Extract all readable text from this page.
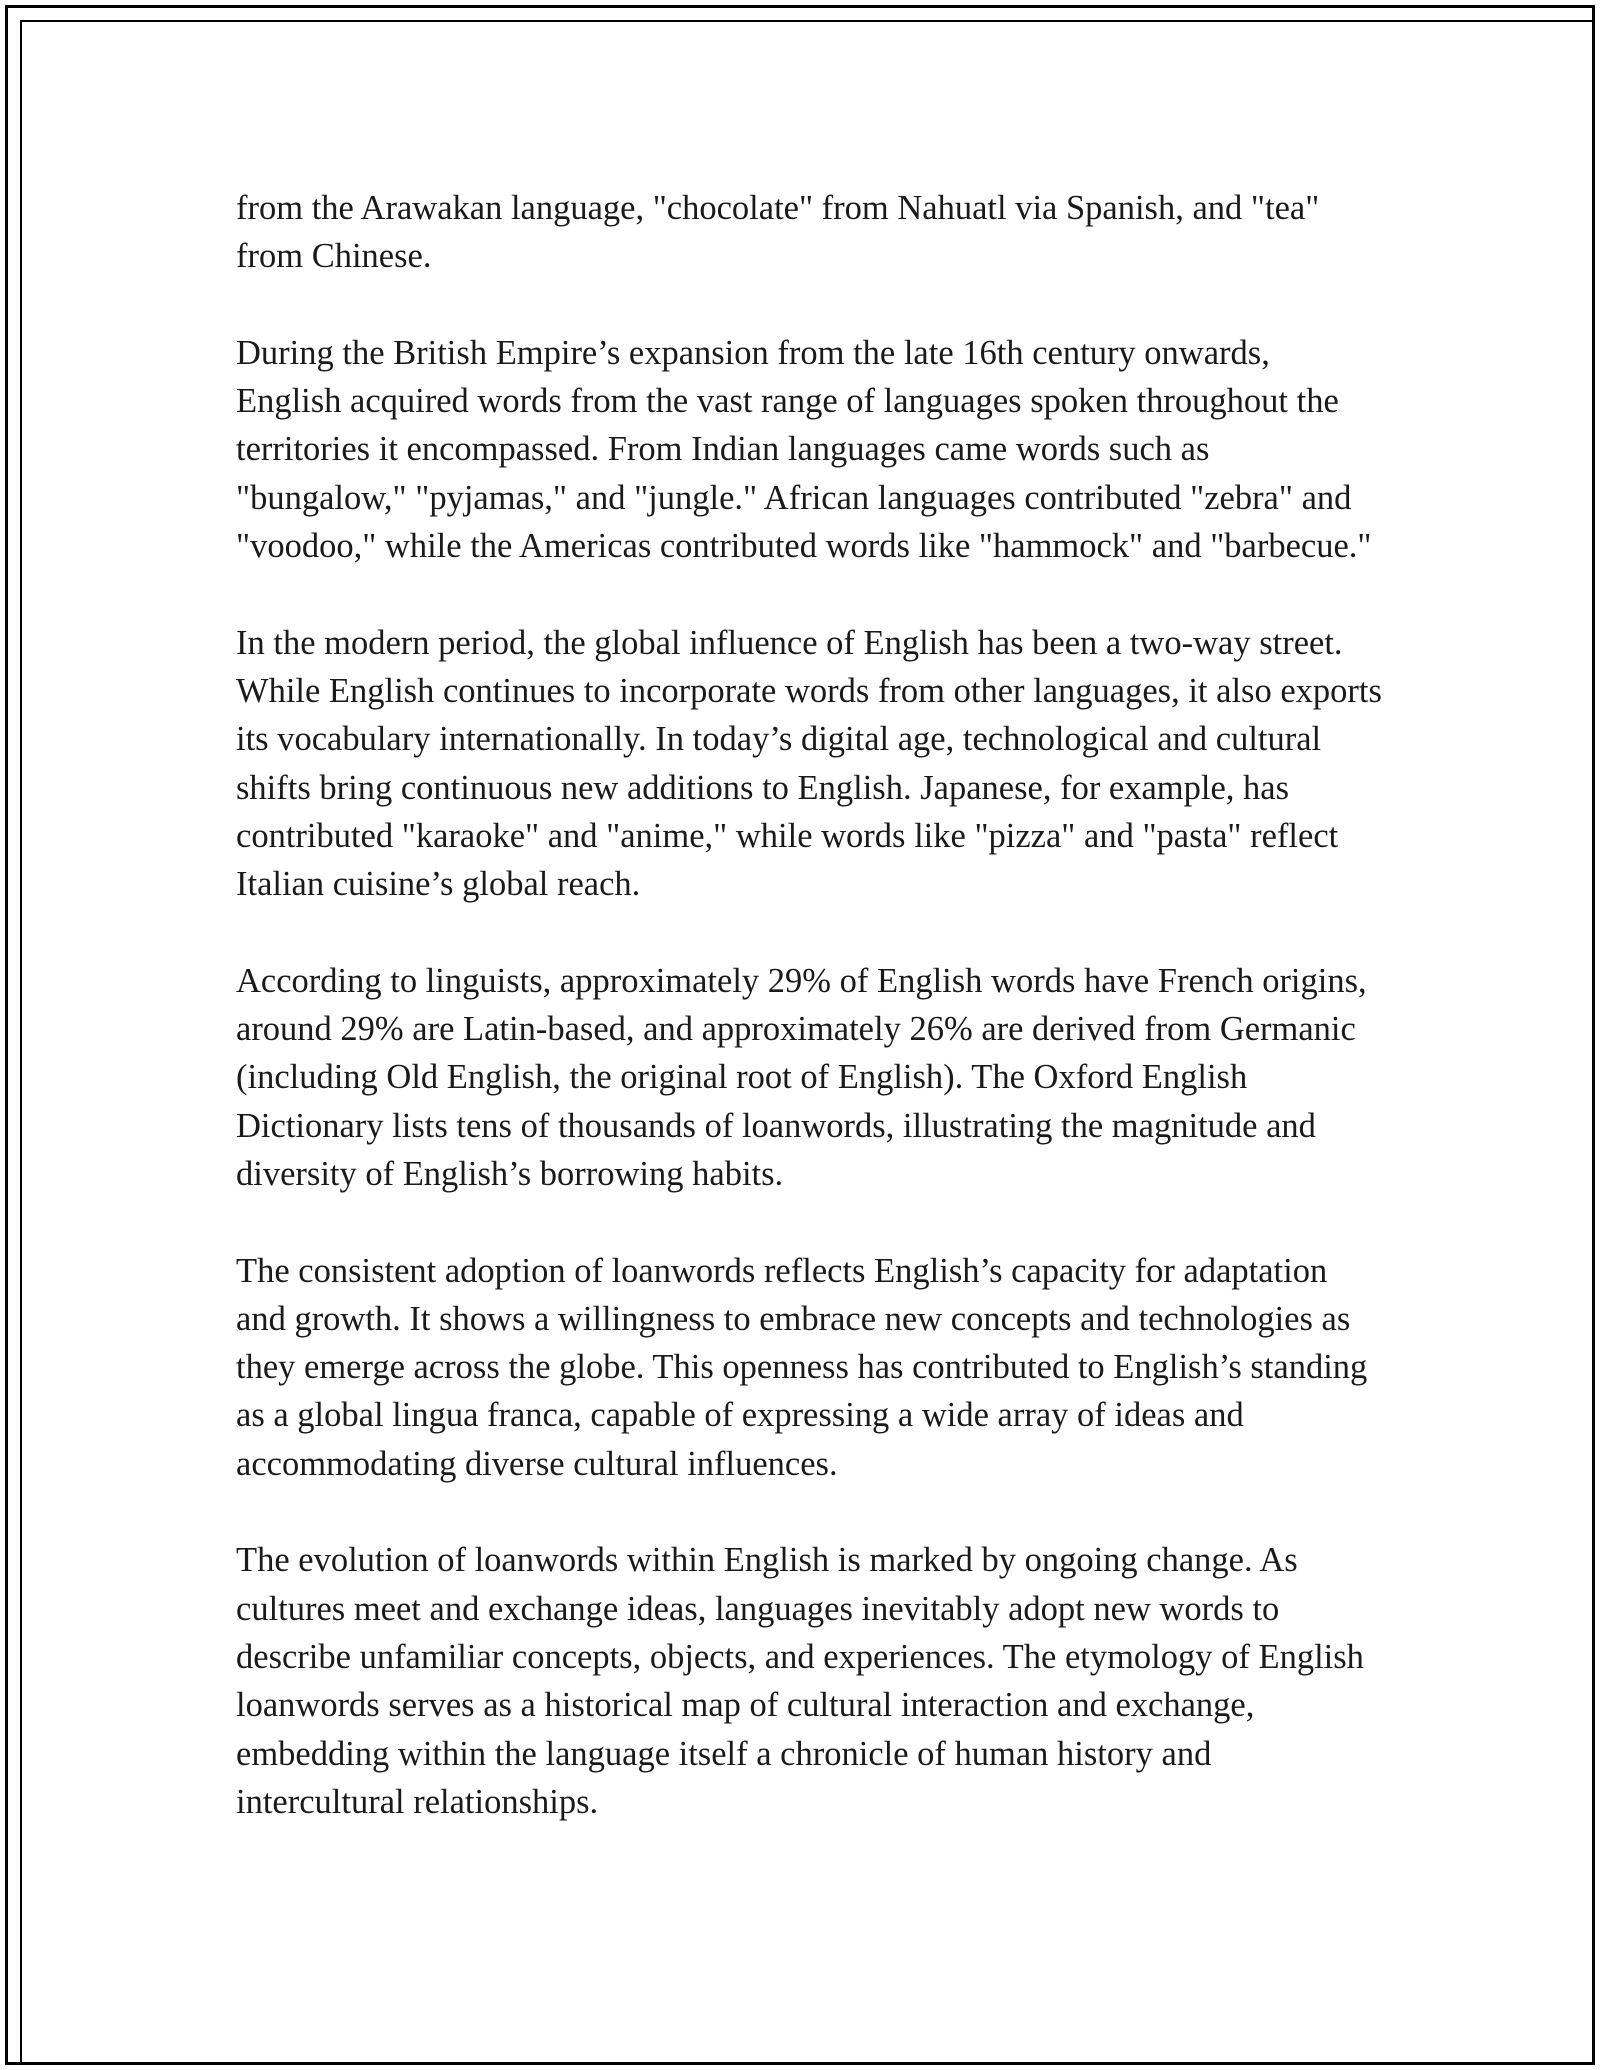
from the Arawakan language, "chocolate" from Nahuatl via Spanish, and "tea" from Chinese.

During the British Empire’s expansion from the late 16th century onwards, English acquired words from the vast range of languages spoken throughout the territories it encompassed. From Indian languages came words such as "bungalow," "pyjamas," and "jungle." African languages contributed "zebra" and "voodoo," while the Americas contributed words like "hammock" and "barbecue."

In the modern period, the global influence of English has been a two-way street. While English continues to incorporate words from other languages, it also exports its vocabulary internationally. In today’s digital age, technological and cultural shifts bring continuous new additions to English. Japanese, for example, has contributed "karaoke" and "anime," while words like "pizza" and "pasta" reflect Italian cuisine’s global reach.

According to linguists, approximately 29% of English words have French origins, around 29% are Latin-based, and approximately 26% are derived from Germanic (including Old English, the original root of English). The Oxford English Dictionary lists tens of thousands of loanwords, illustrating the magnitude and diversity of English’s borrowing habits.

The consistent adoption of loanwords reflects English’s capacity for adaptation and growth. It shows a willingness to embrace new concepts and technologies as they emerge across the globe. This openness has contributed to English’s standing as a global lingua franca, capable of expressing a wide array of ideas and accommodating diverse cultural influences.

The evolution of loanwords within English is marked by ongoing change. As cultures meet and exchange ideas, languages inevitably adopt new words to describe unfamiliar concepts, objects, and experiences. The etymology of English loanwords serves as a historical map of cultural interaction and exchange, embedding within the language itself a chronicle of human history and intercultural relationships.
